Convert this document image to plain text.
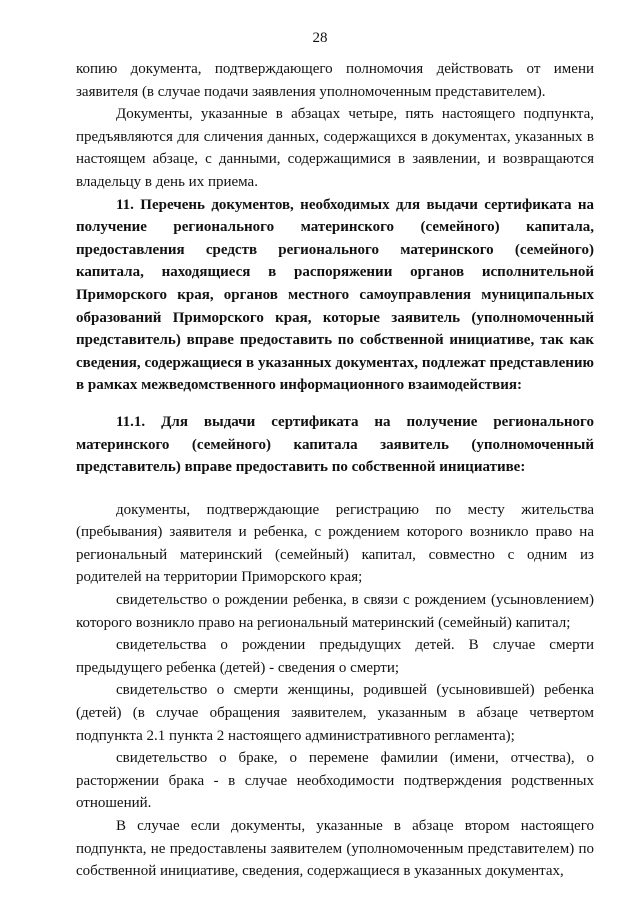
28

копию документа, подтверждающего полномочия действовать от имени заявителя (в случае подачи заявления уполномоченным представителем).

Документы, указанные в абзацах четыре, пять настоящего подпункта, предъявляются для сличения данных, содержащихся в документах, указанных в настоящем абзаце, с данными, содержащимися в заявлении, и возвращаются владельцу в день их приема.

11. Перечень документов, необходимых для выдачи сертификата на получение регионального материнского (семейного) капитала, предоставления средств регионального материнского (семейного) капитала, находящиеся в распоряжении органов исполнительной Приморского края, органов местного самоуправления муниципальных образований Приморского края, которые заявитель (уполномоченный представитель) вправе предоставить по собственной инициативе, так как сведения, содержащиеся в указанных документах, подлежат представлению в рамках межведомственного информационного взаимодействия:

11.1. Для выдачи сертификата на получение регионального материнского (семейного) капитала заявитель (уполномоченный представитель) вправе предоставить по собственной инициативе:

документы, подтверждающие регистрацию по месту жительства (пребывания) заявителя и ребенка, с рождением которого возникло право на региональный материнский (семейный) капитал, совместно с одним из родителей на территории Приморского края;

свидетельство о рождении ребенка, в связи с рождением (усыновлением) которого возникло право на региональный материнский (семейный) капитал;

свидетельства о рождении предыдущих детей. В случае смерти предыдущего ребенка (детей) - сведения о смерти;

свидетельство о смерти женщины, родившей (усыновившей) ребенка (детей) (в случае обращения заявителем, указанным в абзаце четвертом подпункта 2.1 пункта 2 настоящего административного регламента);

свидетельство о браке, о перемене фамилии (имени, отчества), о расторжении брака - в случае необходимости подтверждения родственных отношений.

В случае если документы, указанные в абзаце втором настоящего подпункта, не предоставлены заявителем (уполномоченным представителем) по собственной инициативе, сведения, содержащиеся в указанных документах,
